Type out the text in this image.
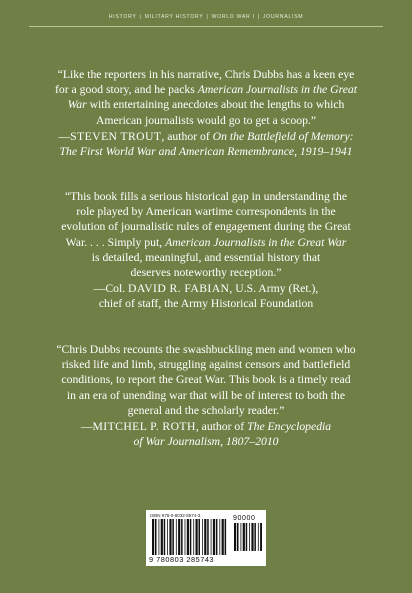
HISTORY | MILITARY HISTORY | WORLD WAR I | JOURNALISM

“Like the reporters in his narrative, Chris Dubbs has a keen eye

for a good story, and he packs American Journalists in the Great

War with entertaining anecdotes about the lengths to which

American journalists would go to get a scoop.”

—STEVEN TROUT, author of On the Battlefield of Memory:

The First World War and American Remembrance, 1919–1941

“This book fills a serious historical gap in understanding the

role played by American wartime correspondents in the

evolution of journalistic rules of engagement during the Great

War. . . . Simply put, American Journalists in the Great War

is detailed, meaningful, and essential history that

deserves noteworthy reception.”

—Col. DAVID R. FABIAN, U.S. Army (Ret.),

chief of staff, the Army Historical Foundation

“Chris Dubbs recounts the swashbuckling men and women who

risked life and limb, struggling against censors and battlefield

conditions, to report the Great War. This book is a timely read

in an era of unending war that will be of interest to both the

general and the scholarly reader.”

—MITCHEL P. ROTH, author of The Encyclopedia

of War Journalism, 1807–2010

ISBN 978-0-8032-8574-3	90000
9 780803 285743
